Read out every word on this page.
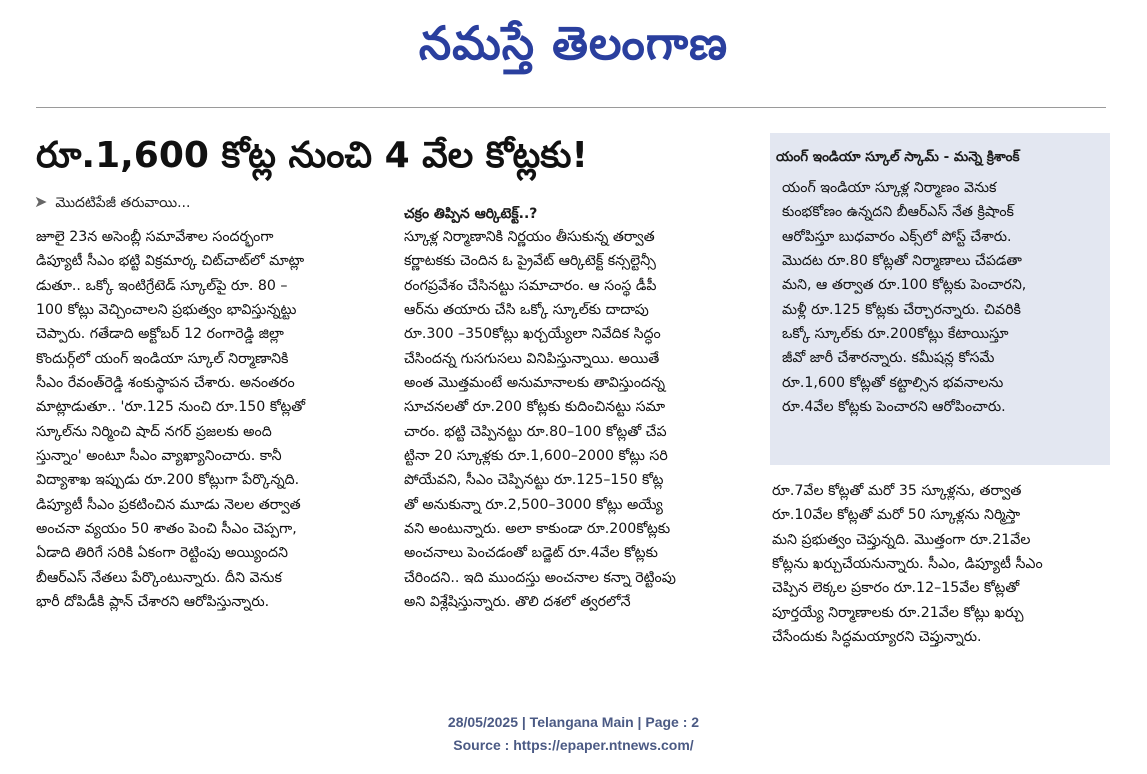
నమస్తే తెలంగాణ
రూ.1,600 కోట్ల నుంచి 4 వేల కోట్లకు!
➤ మొదటిపేజీ తరువాయి...
జూలై 23న అసెంబ్లీ సమావేశాల సందర్భంగా
డిప్యూటీ సీఎం భట్టి విక్రమార్క చిట్‌చాట్‌లో మాట్లా
డుతూ.. ఒక్కో ఇంటిగ్రేటెడ్ స్కూల్‌పై రూ. 80 –
100 కోట్లు వెచ్చించాలని ప్రభుత్వం భావిస్తున్నట్టు
చెప్పారు. గతేడాది అక్టోబర్ 12 రంగారెడ్డి జిల్లా
కొందుర్గ్‌లో యంగ్ ఇండియా స్కూల్ నిర్మాణానికి
సీఎం రేవంత్‌రెడ్డి శంకుస్థాపన చేశారు. అనంతరం
మాట్లాడుతూ.. 'రూ.125 నుంచి రూ.150 కోట్లతో
స్కూల్‌ను నిర్మించి షాద్ నగర్ ప్రజలకు అంది
స్తున్నాం' అంటూ సీఎం వ్యాఖ్యానించారు. కానీ
విద్యాశాఖ ఇప్పుడు రూ.200 కోట్లుగా పేర్కొన్నది.
డిప్యూటీ సీఎం ప్రకటించిన మూడు నెలల తర్వాత
అంచనా వ్యయం 50 శాతం పెంచి సీఎం చెప్పగా,
ఏడాది తిరిగే సరికి ఏకంగా రెట్టింపు అయ్యిందని
బీఆర్‌ఎస్ నేతలు పేర్కొంటున్నారు. దీని వెనుక
భారీ దోపిడీకి ప్లాన్ చేశారని ఆరోపిస్తున్నారు.
చక్రం తిప్పిన ఆర్కిటెక్ట్..?
స్కూళ్ల నిర్మాణానికి నిర్ణయం తీసుకున్న తర్వాత
కర్ణాటకకు చెందిన ఓ ప్రైవేట్ ఆర్కిటెక్ట్ కన్సల్టెన్సీ
రంగప్రవేశం చేసినట్టు సమాచారం. ఆ సంస్థ డీపీ
ఆర్‌ను తయారు చేసి ఒక్కో స్కూల్‌కు దాదాపు
రూ.300 –350కోట్లు ఖర్చయ్యేలా నివేదిక సిద్ధం
చేసిందన్న గుసగుసలు వినిపిస్తున్నాయి. అయితే
అంత మొత్తమంటే అనుమానాలకు తావిస్తుందన్న
సూచనలతో రూ.200 కోట్లకు కుదించినట్టు సమా
చారం. భట్టి చెప్పినట్టు రూ.80–100 కోట్లతో చేప
ట్టినా 20 స్కూళ్లకు రూ.1,600–2000 కోట్లు సరి
పోయేవని, సీఎం చెప్పినట్టు రూ.125–150 కోట్ల
తో అనుకున్నా రూ.2,500–3000 కోట్లు అయ్యే
వని అంటున్నారు. అలా కాకుండా రూ.200కోట్లకు
అంచనాలు పెంచడంతో బడ్జెట్ రూ.4వేల కోట్లకు
చేరిందని.. ఇది ముందస్తు అంచనాల కన్నా రెట్టింపు
అని విశ్లేషిస్తున్నారు. తొలి దశలో త్వరలోనే
యంగ్ ఇండియా స్కూల్ స్కామ్ - మన్నె క్రిశాంక్
యంగ్ ఇండియా స్కూళ్ల నిర్మాణం వెనుక
కుంభకోణం ఉన్నదని బీఆర్‌ఎస్ నేత క్రిషాంక్
ఆరోపిస్తూ బుధవారం ఎక్స్‌లో పోస్ట్ చేశారు.
మొదట రూ.80 కోట్లతో నిర్మాణాలు చేపడతా
మని, ఆ తర్వాత రూ.100 కోట్లకు పెంచారని,
మళ్లీ రూ.125 కోట్లకు చేర్చారన్నారు. చివరికి
ఒక్కో స్కూల్‌కు రూ.200కోట్లు కేటాయిస్తూ
జీవో జారీ చేశారన్నారు. కమీషన్ల కోసమే
రూ.1,600 కోట్లతో కట్టాల్సిన భవనాలను
రూ.4వేల కోట్లకు పెంచారని ఆరోపించారు.
రూ.7వేల కోట్లతో మరో 35 స్కూళ్లను, తర్వాత
రూ.10వేల కోట్లతో మరో 50 స్కూళ్లను నిర్మిస్తా
మని ప్రభుత్వం చెప్తున్నది. మొత్తంగా రూ.21వేల
కోట్లను ఖర్చుచేయనున్నారు. సీఎం, డిప్యూటీ సీఎం
చెప్పిన లెక్కల ప్రకారం రూ.12–15వేల కోట్లతో
పూర్తయ్యే నిర్మాణాలకు రూ.21వేల కోట్లు ఖర్చు
చేసేందుకు సిద్ధమయ్యారని చెప్తున్నారు.
28/05/2025 | Telangana Main | Page : 2
Source : https://epaper.ntnews.com/
